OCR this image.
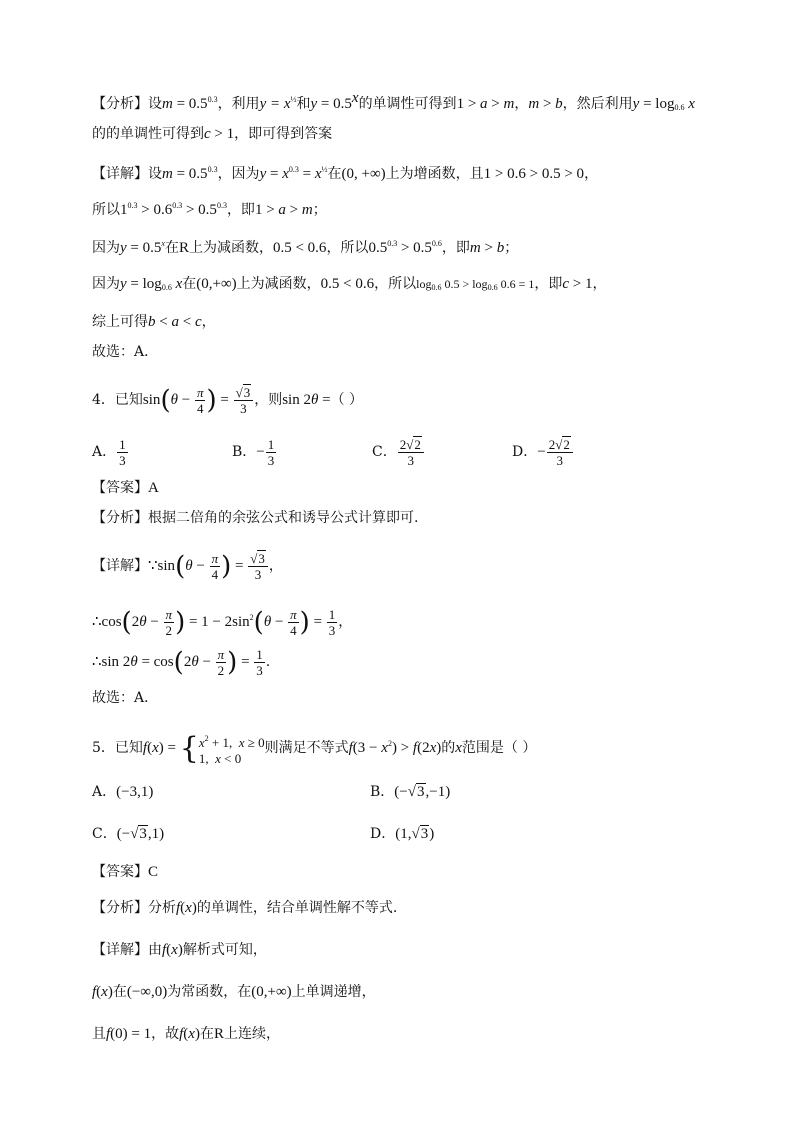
【分析】设$m = 0.5^{0.3}$，利用$y = x^{\frac{1}{2}}$和$y = 0.5^x$的单调性可得到1 > a > m，m > b，然后利用$y = \log_{0.6} x$
的的单调性可得到c > 1，即可得到答案
【详解】设$m = 0.5^{0.3}$，因为$y = x^{0.3} = x^{\frac{1}{2}}$在(0, +∞)上为增函数，且1 > 0.6 > 0.5 > 0，
所以$1^{0.3} > 0.6^{0.3} > 0.5^{0.3}$，即1 > a > m；
因为$y = 0.5^x$在R上为减函数，0.5 < 0.6，所以$0.5^{0.3} > 0.5^{0.6}$，即m > b；
因为$y = \log_{0.6} x$在(0,+∞)上为减函数，0.5 < 0.6，所以$\log_{0.6} 0.5 > \log_{0.6} 0.6 = 1$，即c > 1，
综上可得b < a < c，
故选：A．
4．已知$\sin(\theta - \frac{\pi}{4}$ ) = $\frac{√3}{3}$ ，则sin 2θ =（ ）
A． $\frac{1}{3}$	B．− $\frac{1}{3}$	C． $\frac{2√2}{3}$	D．− $\frac{2√2}{3}$
【答案】A
【分析】根据二倍角的余弦公式和诱导公式计算即可.
【详解】∵sin(θ − $\frac{\pi}{4}$ ) = $\frac{√3}{3}$ ，
∴cos(2θ − $\frac{\pi}{2}$ ) = $1 - 2\sin^2(\theta - \frac{\pi}{4}$ ) = $\frac{1}{3}$ ，
∴sin $2\theta = \cos(2\theta - \frac{\pi}{2}$ ) = $\frac{1}{3}$ .
故选：A．
5．已知f(x) = { $x^2 + 1$,  x ≥ 0
1,  x < 0
则满足不等式$f(3 - x^2) > f(2x)$的x范围是（ ）
A．(−3,1)	B．(−√3,−1)
C．(−√3,1)	D．(1,√3)
【答案】C
【分析】分析f(x)的单调性，结合单调性解不等式.
【详解】由f(x)解析式可知，
f(x)在(−∞,0)为常函数，在(0,+∞)上单调递增，
且f(0) = 1，故f(x)在R上连续，
